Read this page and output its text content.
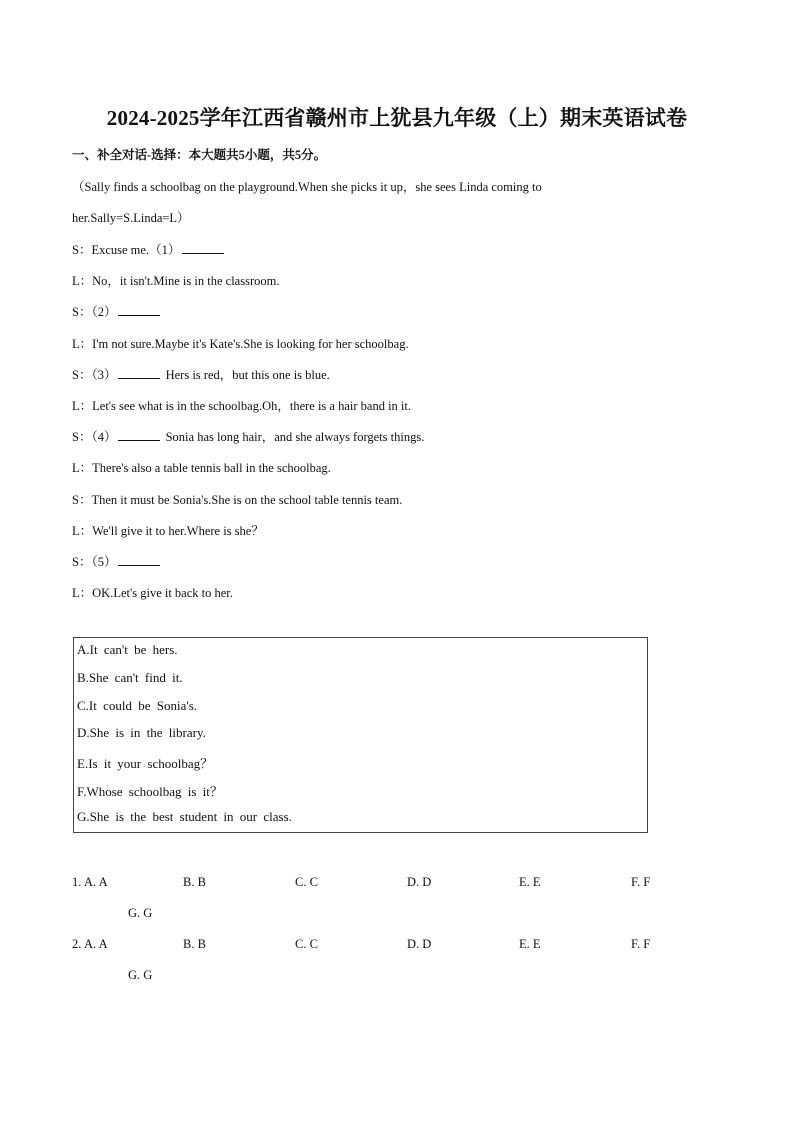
2024-2025学年江西省赣州市上犹县九年级（上）期末英语试卷
一、补全对话-选择：本大题共5小题，共5分。
（Sally finds a schoolbag on the playground.When she picks it up，she sees Linda coming to
her.Sally=S.Linda=L）
S：Excuse me.（1）
L：No，it isn't.Mine is in the classroom.
S：（2）
L：I'm not sure.Maybe it's Kate's.She is looking for her schoolbag.
S：（3）	Hers is red，but this one is blue.
L：Let's see what is in the schoolbag.Oh，there is a hair band in it.
S：（4）	Sonia has long hair，and she always forgets things.
L：There's also a table tennis ball in the schoolbag.
S：Then it must be Sonia's.She is on the school table tennis team.
L：We'll give it to her.Where is she？
S：（5）
L：OK.Let's give it back to her.
A.It can't be hers.
B.She can't find it.
C.It could be Sonia's.
D.She is in the library.
E.Is it your schoolbag？
F.Whose schoolbag is it？
G.She is the best student in our class.
1. A. A	B. B	C. C	D. D	E. E	F. F
G. G
2. A. A	B. B	C. C	D. D	E. E	F. F
G. G
